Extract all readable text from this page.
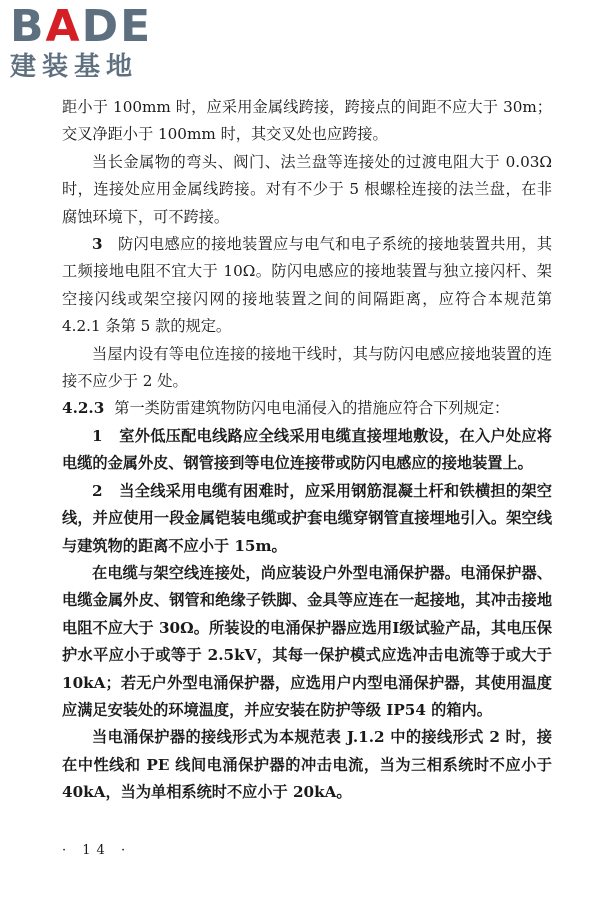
BADE
建装基地

距小于 100mm 时，应采用金属线跨接，跨接点的间距不应大于 30m；交叉净距小于 100mm 时，其交叉处也应跨接。

当长金属物的弯头、阀门、法兰盘等连接处的过渡电阻大于 0.03Ω 时，连接处应用金属线跨接。对有不少于 5 根螺栓连接的法兰盘，在非腐蚀环境下，可不跨接。

3 防闪电感应的接地装置应与电气和电子系统的接地装置共用，其工频接地电阻不宜大于 10Ω。防闪电感应的接地装置与独立接闪杆、架空接闪线或架空接闪网的接地装置之间的间隔距离，应符合本规范第 4.2.1 条第 5 款的规定。

当屋内设有等电位连接的接地干线时，其与防闪电感应接地装置的连接不应少于 2 处。

4.2.3 第一类防雷建筑物防闪电电涌侵入的措施应符合下列规定：

1 室外低压配电线路应全线采用电缆直接埋地敷设，在入户处应将电缆的金属外皮、钢管接到等电位连接带或防闪电感应的接地装置上。

2 当全线采用电缆有困难时，应采用钢筋混凝土杆和铁横担的架空线，并应使用一段金属铠装电缆或护套电缆穿钢管直接埋地引入。架空线与建筑物的距离不应小于 15m。

在电缆与架空线连接处，尚应装设户外型电涌保护器。电涌保护器、电缆金属外皮、钢管和绝缘子铁脚、金具等应连在一起接地，其冲击接地电阻不应大于 30Ω。所装设的电涌保护器应选用Ⅰ级试验产品，其电压保护水平应小于或等于 2.5kV，其每一保护模式应选冲击电流等于或大于 10kA；若无户外型电涌保护器，应选用户内型电涌保护器，其使用温度应满足安装处的环境温度，并应安装在防护等级 IP54 的箱内。

当电涌保护器的接线形式为本规范表 J.1.2 中的接线形式 2 时，接在中性线和 PE 线间电涌保护器的冲击电流，当为三相系统时不应小于 40kA，当为单相系统时不应小于 20kA。

· 14 ·
